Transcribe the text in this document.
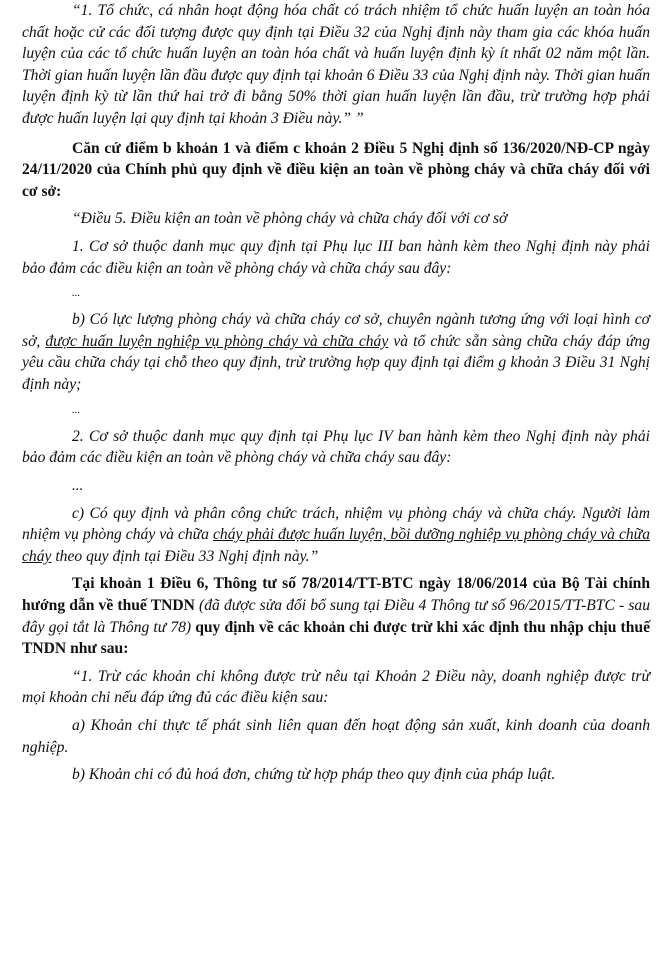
“1. Tổ chức, cá nhân hoạt động hóa chất có trách nhiệm tổ chức huấn luyện an toàn hóa chất hoặc cử các đối tượng được quy định tại Điều 32 của Nghị định này tham gia các khóa huấn luyện của các tổ chức huấn luyện an toàn hóa chất và huấn luyện định kỳ ít nhất 02 năm một lần. Thời gian huấn luyện lần đầu được quy định tại khoản 6 Điều 33 của Nghị định này. Thời gian huấn luyện định kỳ từ lần thứ hai trở đi bằng 50% thời gian huấn luyện lần đầu, trừ trường hợp phải được huấn luyện lại quy định tại khoản 3 Điều này.” ”

Căn cứ điểm b khoản 1 và điểm c khoản 2 Điều 5 Nghị định số 136/2020/NĐ-CP ngày 24/11/2020 của Chính phủ quy định về điều kiện an toàn về phòng cháy và chữa cháy đối với cơ sở:

“Điều 5. Điều kiện an toàn về phòng cháy và chữa cháy đối với cơ sở

1. Cơ sở thuộc danh mục quy định tại Phụ lục III ban hành kèm theo Nghị định này phải bảo đảm các điều kiện an toàn về phòng cháy và chữa cháy sau đây:

...

b) Có lực lượng phòng cháy và chữa cháy cơ sở, chuyên ngành tương ứng với loại hình cơ sở, được huấn luyện nghiệp vụ phòng cháy và chữa cháy và tổ chức sẵn sàng chữa cháy đáp ứng yêu cầu chữa cháy tại chỗ theo quy định, trừ trường hợp quy định tại điểm g khoản 3 Điều 31 Nghị định này;

...

2. Cơ sở thuộc danh mục quy định tại Phụ lục IV ban hành kèm theo Nghị định này phải bảo đảm các điều kiện an toàn về phòng cháy và chữa cháy sau đây:

...

c) Có quy định và phân công chức trách, nhiệm vụ phòng cháy và chữa cháy. Người làm nhiệm vụ phòng cháy và chữa cháy phải được huấn luyện, bồi dưỡng nghiệp vụ phòng cháy và chữa cháy theo quy định tại Điều 33 Nghị định này.”

Tại khoản 1 Điều 6, Thông tư số 78/2014/TT-BTC ngày 18/06/2014 của Bộ Tài chính hướng dẫn về thuế TNDN (đã được sửa đổi bổ sung tại Điều 4 Thông tư số 96/2015/TT-BTC - sau đây gọi tắt là Thông tư 78) quy định về các khoản chi được trừ khi xác định thu nhập chịu thuế TNDN như sau:

“1. Trừ các khoản chi không được trừ nêu tại Khoản 2 Điều này, doanh nghiệp được trừ mọi khoản chi nếu đáp ứng đủ các điều kiện sau:

a) Khoản chi thực tế phát sinh liên quan đến hoạt động sản xuất, kinh doanh của doanh nghiệp.

b) Khoản chi có đủ hoá đơn, chứng từ hợp pháp theo quy định của pháp luật.
